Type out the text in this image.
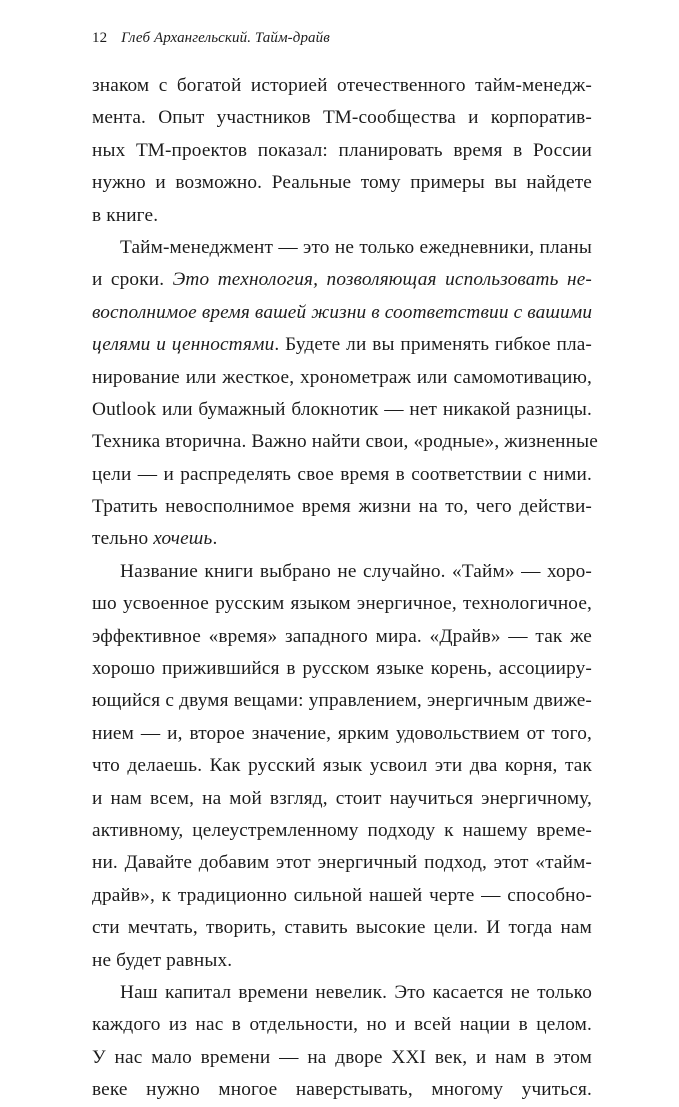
12 Глеб Архангельский. Тайм-драйв
знаком с богатой историей отечественного тайм-менедж-
мента. Опыт участников ТМ-сообщества и корпоратив-
ных ТМ-проектов показал: планировать время в России
нужно и возможно. Реальные тому примеры вы найдете
в книге.
Тайм-менеджмент — это не только ежедневники, планы
и сроки. Это технология, позволяющая использовать не-
восполнимое время вашей жизни в соответствии с вашими
целями и ценностями. Будете ли вы применять гибкое пла-
нирование или жесткое, хронометраж или самомотивацию,
Outlook или бумажный блокнотик — нет никакой разницы.
Техника вторична. Важно найти свои, «родные», жизненные
цели — и распределять свое время в соответствии с ними.
Тратить невосполнимое время жизни на то, чего действи-
тельно хочешь.
Название книги выбрано не случайно. «Тайм» — хоро-
шо усвоенное русским языком энергичное, технологичное,
эффективное «время» западного мира. «Драйв» — так же
хорошо прижившийся в русском языке корень, ассоцииру-
ющийся с двумя вещами: управлением, энергичным движе-
нием — и, второе значение, ярким удовольствием от того,
что делаешь. Как русский язык усвоил эти два корня, так
и нам всем, на мой взгляд, стоит научиться энергичному,
активному, целеустремленному подходу к нашему време-
ни. Давайте добавим этот энергичный подход, этот «тайм-
драйв», к традиционно сильной нашей черте — способно-
сти мечтать, творить, ставить высокие цели. И тогда нам
не будет равных.
Наш капитал времени невелик. Это касается не только
каждого из нас в отдельности, но и всей нации в целом.
У нас мало времени — на дворе XXI век, и нам в этом
веке нужно многое наверстывать, многому учиться.
